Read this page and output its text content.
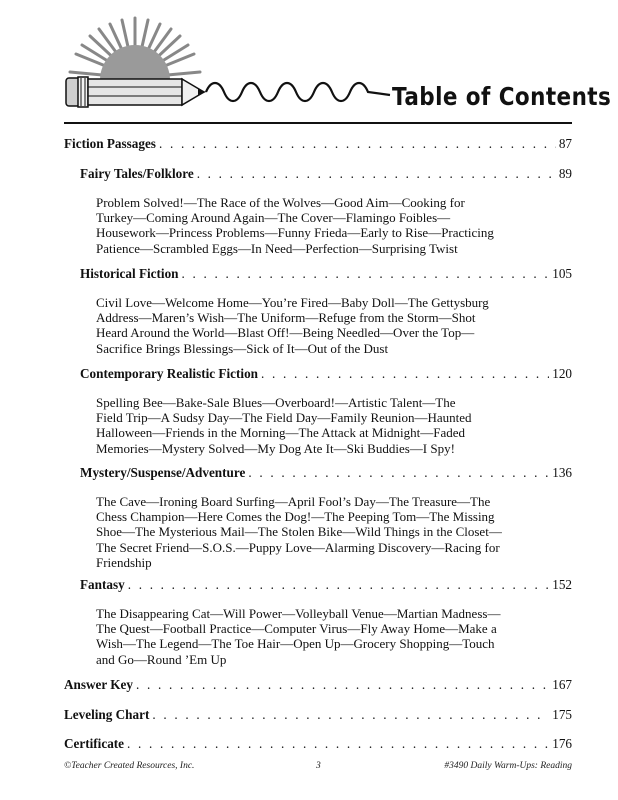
Table of Contents
Fiction Passages . . .	87
Fairy Tales/Folklore . . .	89

Problem Solved!—The Race of the Wolves—Good Aim—Cooking for

Turkey—Coming Around Again—The Cover—Flamingo Foibles—

Housework—Princess Problems—Funny Frieda—Early to Rise—Practicing

Patience—Scrambled Eggs—In Need—Perfection—Surprising Twist

Historical Fiction . . .	105

Civil Love—Welcome Home—You’re Fired—Baby Doll—The Gettysburg

Address—Maren’s Wish—The Uniform—Refuge from the Storm—Shot

Heard Around the World—Blast Off!—Being Needled—Over the Top—

Sacrifice Brings Blessings—Sick of It—Out of the Dust

Contemporary Realistic Fiction . . .	120

Spelling Bee—Bake-Sale Blues—Overboard!—Artistic Talent—The

Field Trip—A Sudsy Day—The Field Day—Family Reunion—Haunted

Halloween—Friends in the Morning—The Attack at Midnight—Faded

Memories—Mystery Solved—My Dog Ate It—Ski Buddies—I Spy!

Mystery/Suspense/Adventure . . .	136

The Cave—Ironing Board Surfing—April Fool’s Day—The Treasure—The

Chess Champion—Here Comes the Dog!—The Peeping Tom—The Missing

Shoe—The Mysterious Mail—The Stolen Bike—Wild Things in the Closet—

The Secret Friend—S.O.S.—Puppy Love—Alarming Discovery—Racing for

Friendship

Fantasy . . .	152

The Disappearing Cat—Will Power—Volleyball Venue—Martian Madness—

The Quest—Football Practice—Computer Virus—Fly Away Home—Make a

Wish—The Legend—The Toe Hair—Open Up—Grocery Shopping—Touch

and Go—Round ’Em Up

Answer Key . . .	167
Leveling Chart . . .	175
Certificate . . .	176
©Teacher Created Resources, Inc.	3	#3490 Daily Warm-Ups: Reading
